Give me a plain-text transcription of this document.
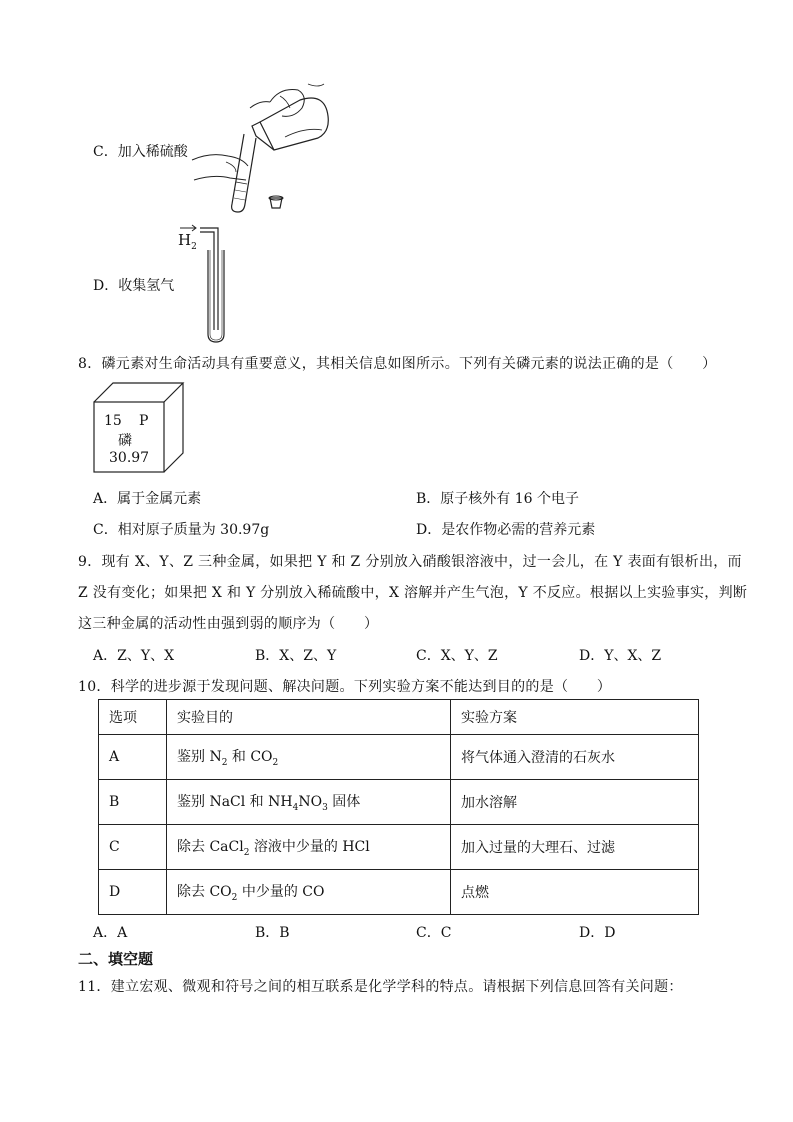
C．加入稀硫酸
D．收集氢气
$H_2$
8．磷元素对生命活动具有重要意义，其相关信息如图所示。下列有关磷元素的说法正确的是（　　）
15 P
磷
30.97
A．属于金属元素	B．原子核外有 16 个电子
C．相对原子质量为 30.97g	D．是农作物必需的营养元素
9．现有 X、Y、Z 三种金属，如果把 Y 和 Z 分别放入硝酸银溶液中，过一会儿，在 Y 表面有银析出，而
Z 没有变化；如果把 X 和 Y 分别放入稀硫酸中，X 溶解并产生气泡，Y 不反应。根据以上实验事实，判断
这三种金属的活动性由强到弱的顺序为（　　）
A．Z、Y、X	B．X、Z、Y	C．X、Y、Z	D．Y、X、Z
10．科学的进步源于发现问题、解决问题。下列实验方案不能达到目的的是（　　）
选项	实验目的	实验方案
A	鉴别 $N_2$ 和 $CO_2$	将气体通入澄清的石灰水
B	鉴别 NaCl 和 $NH_4NO_3$ 固体	加水溶解
C	除去 CaCl$_2$ 溶液中少量的 HCl	加入过量的大理石、过滤
D	除去 $CO_2$ 中少量的 CO	点燃
A．A	B．B	C．C	D．D
二、填空题
11．建立宏观、微观和符号之间的相互联系是化学学科的特点。请根据下列信息回答有关问题：
